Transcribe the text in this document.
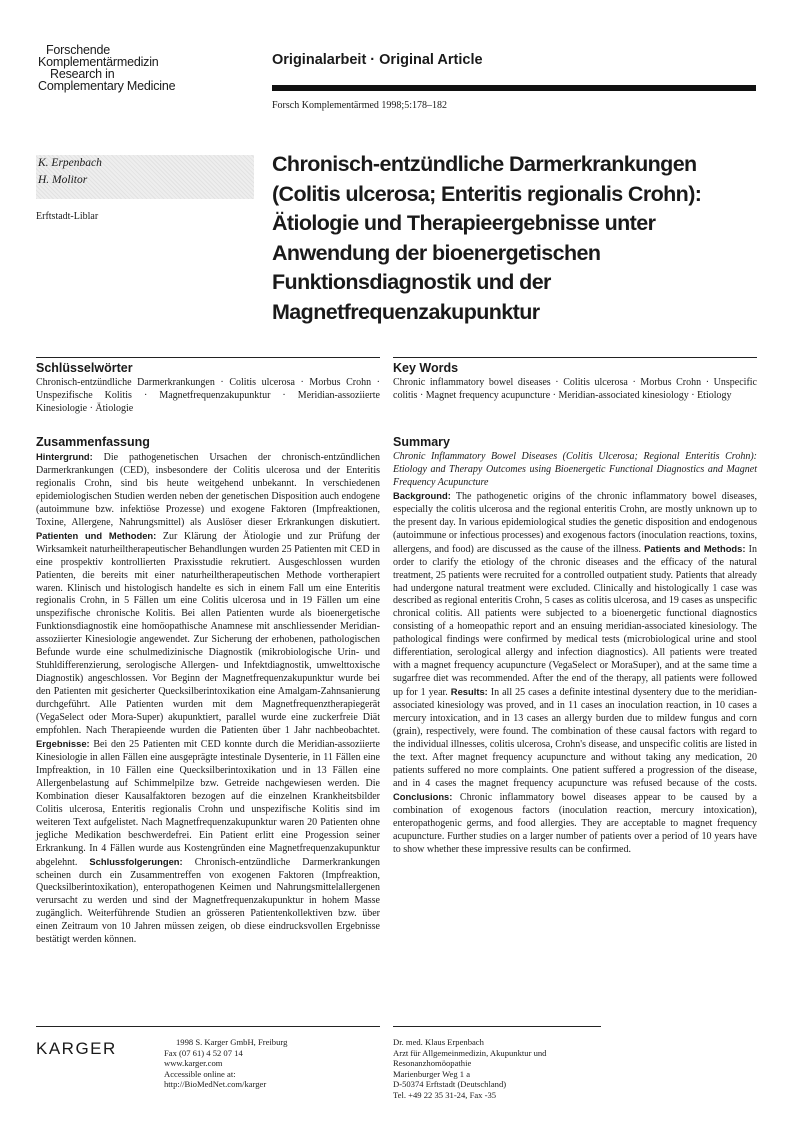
Forschende
Komplementärmedizin
Research in
Complementary Medicine
Originalarbeit · Original Article
Forsch Komplementärmed 1998;5:178–182
K. Erpenbach
H. Molitor
Erftstadt-Liblar
Chronisch-entzündliche Darmerkrankungen
(Colitis ulcerosa; Enteritis regionalis Crohn):
Ätiologie und Therapieergebnisse unter
Anwendung der bioenergetischen
Funktionsdiagnostik und der
Magnetfrequenzakupunktur
Schlüsselwörter
Chronisch-entzündliche Darmerkrankungen · Colitis ulcerosa · Morbus Crohn · Unspezifische Kolitis · Magnetfrequenzakupunktur · Meridian-assoziierte Kinesiologie · Ätiologie
Key Words
Chronic inflammatory bowel diseases · Colitis ulcerosa · Morbus Crohn · Unspecific colitis · Magnet frequency acupuncture · Meridian-associated kinesiology · Etiology
Zusammenfassung
Hintergrund: Die pathogenetischen Ursachen der chronisch-entzündlichen Darmerkrankungen (CED), insbesondere der Colitis ulcerosa und der Enteritis regionalis Crohn, sind bis heute weitgehend unbekannt. In verschiedenen epidemiologischen Studien werden neben der genetischen Disposition auch endogene (autoimmune bzw. infektiöse Prozesse) und exogene Faktoren (Impfreaktionen, Toxine, Allergene, Nahrungsmittel) als Auslöser dieser Erkrankungen diskutiert. Patienten und Methoden: Zur Klärung der Ätiologie und zur Prüfung der Wirksamkeit naturheiltherapeutischer Behandlungen wurden 25 Patienten mit CED in eine prospektiv kontrollierten Praxisstudie rekrutiert. Ausgeschlossen wurden Patienten, die bereits mit einer naturheiltherapeutischen Methode vortherapiert waren. Klinisch und histologisch handelte es sich in einem Fall um eine Enteritis regionalis Crohn, in 5 Fällen um eine Colitis ulcerosa und in 19 Fällen um eine unspezifische chronische Kolitis. Bei allen Patienten wurde als bioenergetische Funktionsdiagnostik eine homöopathische Anamnese mit anschliessender Meridian-assoziierter Kinesiologie angewendet. Zur Sicherung der erhobenen, pathologischen Befunde wurde eine schulmedizinische Diagnostik (mikrobiologische Urin- und Stuhldifferenzierung, serologische Allergen- und Infektdiagnostik, umwelttoxische Diagnostik) angeschlossen. Vor Beginn der Magnetfrequenzakupunktur wurde bei den Patienten mit gesicherter Quecksilberintoxikation eine Amalgam-Zahnsanierung durchgeführt. Alle Patienten wurden mit dem Magnetfrequenztherapiegerät (VegaSelect oder Mora-Super) akupunktiert, parallel wurde eine zuckerfreie Diät empfohlen. Nach Therapieende wurden die Patienten über 1 Jahr nachbeobachtet. Ergebnisse: Bei den 25 Patienten mit CED konnte durch die Meridian-assoziierte Kinesiologie in allen Fällen eine ausgeprägte intestinale Dysenterie, in 11 Fällen eine Impfreaktion, in 10 Fällen eine Quecksilberintoxikation und in 13 Fällen eine Allergenbelastung auf Schimmelpilze bzw. Getreide nachgewiesen werden. Die Kombination dieser Kausalfaktoren bezogen auf die einzelnen Krankheitsbilder Colitis ulcerosa, Enteritis regionalis Crohn und unspezifische Kolitis sind im weiteren Text aufgelistet. Nach Magnetfrequenzakupunktur waren 20 Patienten ohne jegliche Medikation beschwerdefrei. Ein Patient erlitt eine Progession seiner Erkrankung. In 4 Fällen wurde aus Kostengründen eine Magnetfrequenzakupunktur abgelehnt. Schlussfolgerungen: Chronisch-entzündliche Darmerkrankungen scheinen durch ein Zusammentreffen von exogenen Faktoren (Impfreaktion, Quecksilberintoxikation), enteropathogenen Keimen und Nahrungsmittelallergenen verursacht zu werden und sind der Magnetfrequenzakupunktur in hohem Masse zugänglich. Weiterführende Studien an grösseren Patientenkollektiven bzw. über einen Zeitraum von 10 Jahren müssen zeigen, ob diese eindrucksvollen Ergebnisse bestätigt werden können.
Summary
Chronic Inflammatory Bowel Diseases (Colitis Ulcerosa; Regional Enteritis Crohn): Etiology and Therapy Outcomes using Bioenergetic Functional Diagnostics and Magnet Frequency Acupuncture
Background: The pathogenetic origins of the chronic inflammatory bowel diseases, especially the colitis ulcerosa and the regional enteritis Crohn, are mostly unknown up to the present day. In various epidemiological studies the genetic disposition and endogenous (autoimmune or infectious processes) and exogenous factors (inoculation reactions, toxins, allergens, and food) are discussed as the cause of the illness. Patients and Methods: In order to clarify the etiology of the chronic diseases and the efficacy of the natural treatment, 25 patients were recruited for a controlled outpatient study. Patients that already had undergone natural treatment were excluded. Clinically and histologically 1 case was described as regional enteritis Crohn, 5 cases as colitis ulcerosa, and 19 cases as unspecific chronical colitis. All patients were subjected to a bioenergetic functional diagnostics consisting of a homeopathic report and an ensuing meridian-associated kinesiology. The pathological findings were confirmed by medical tests (microbiological urine and stool differentiation, serological allergy and infection diagnostics). All patients were treated with a magnet frequency acupuncture (VegaSelect or MoraSuper), and at the same time a sugarfree diet was recommended. After the end of the therapy, all patients were followed up for 1 year. Results: In all 25 cases a definite intestinal dysentery due to the meridian-associated kinesiology was proved, and in 11 cases an inoculation reaction, in 10 cases a mercury intoxication, and in 13 cases an allergy burden due to mildew fungus and corn (grain), respectively, were found. The combination of these causal factors with regard to the individual illnesses, colitis ulcerosa, Crohn's disease, and unspecific colitis are listed in the text. After magnet frequency acupuncture and without taking any medication, 20 patients suffered no more complaints. One patient suffered a progression of the disease, and in 4 cases the magnet frequency acupuncture was refused because of the costs. Conclusions: Chronic inflammatory bowel diseases appear to be caused by a combination of exogenous factors (inoculation reaction, mercury intoxication), enteropathogenic germs, and food allergies. They are acceptable to magnet frequency acupuncture. Further studies on a larger number of patients over a period of 10 years have to show whether these impressive results can be confirmed.
KARGER	1998 S. Karger GmbH, Freiburg
Fax (07 61) 4 52 07 14
www.karger.com
Accessible online at:
http://BioMedNet.com/karger
Dr. med. Klaus Erpenbach
Arzt für Allgemeinmedizin, Akupunktur und
Resonanzhomöopathie
Marienburger Weg 1 a
D-50374 Erftstadt (Deutschland)
Tel. +49 22 35 31-24, Fax -35
